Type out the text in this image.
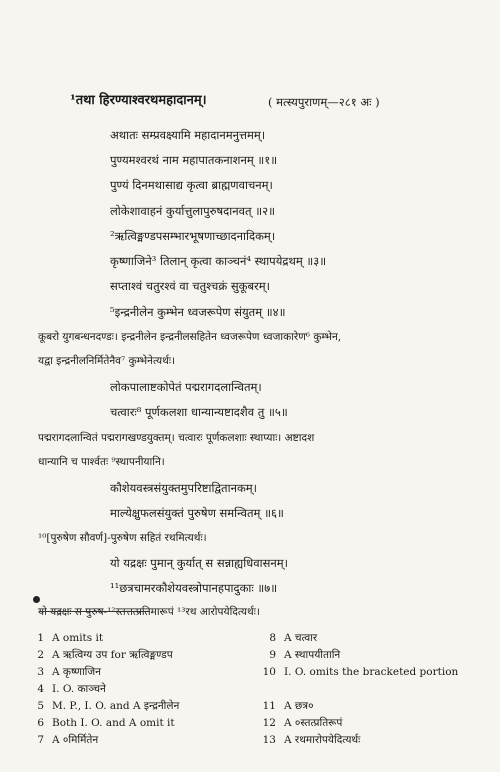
¹तथा हिरण्याश्वरथमहादानम्।	( मत्स्यपुराणम्—२८१ अः )
अथातः सम्प्रवक्ष्यामि महादानमनुत्तमम्।
पुण्यमश्वरथं नाम महापातकनाशनम् ॥१॥
पुण्यं दिनमथासाद्य कृत्वा ब्राह्मणवाचनम्।
लोकेशावाहनं कुर्यात्तुलापुरुषदानवत् ॥२॥
²ऋत्विङ्मण्डपसम्भारभूषणाच्छादनादिकम्।
कृष्णाजिने³ तिलान् कृत्वा काञ्चनं⁴ स्थापयेद्रथम् ॥३॥
सप्ताश्वं चतुरश्वं वा चतुश्चक्रं सुकूबरम्।
⁵इन्द्रनीलेन कुम्भेन ध्वजरूपेण संयुतम् ॥४॥
कूबरो युगबन्धनदण्डः। इन्द्रनीलेन इन्द्रनीलसहितेन ध्वजरूपेण ध्वजाकारेण⁶ कुम्भेन,
यद्वा इन्द्रनीलनिर्मितेनैव⁷ कुम्भेनेत्यर्थः।
लोकपालाष्टकोपेतं पद्मरागदलान्वितम्।
चत्वारः⁸ पूर्णकलशा धान्यान्यष्टादशैव तु ॥५॥
पद्मरागदलान्वितं पद्मरागखण्डयुक्तम्। चत्वारः पूर्णकलशाः स्थाप्याः। अष्टादश
धान्यानि च पार्श्वतः ⁹स्थापनीयानि।
कौशेयवस्त्रसंयुक्तमुपरिष्टाद्वितानकम्।
माल्येक्षुफलसंयुक्तं पुरुषेण समन्वितम् ॥६॥
¹⁰[पुरुषेण सौवर्ण]-पुरुषेण सहितं रथमित्यर्थः।
यो यद्रक्षः पुमान् कुर्यात् स सन्नाह्यधिवासनम्।
¹¹छत्रचामरकौशेयवस्त्रोपानहपादुकाः ॥७॥
यो यद्रक्षः स पुरुष-¹²स्तत्तत्प्रतिमारूपं ¹³रथ आरोपयेदित्यर्थः।
1 A omits it
2 A ऋत्विग्य उप for ऋत्विङ्मण्डप
3 A कृष्णाजिन
4 I. O. काञ्चने
5 M. P., I. O. and A इन्द्रनीलेन
6 Both I. O. and A omit it
7 A ०मिर्मितेन
8 A चत्वार
9 A स्थापयीतानि
10 I. O. omits the bracketed portion
11 A छत्र०
12 A ०स्तत्प्रतिरूपं
13 A रथमारोपयेदित्यर्थः
